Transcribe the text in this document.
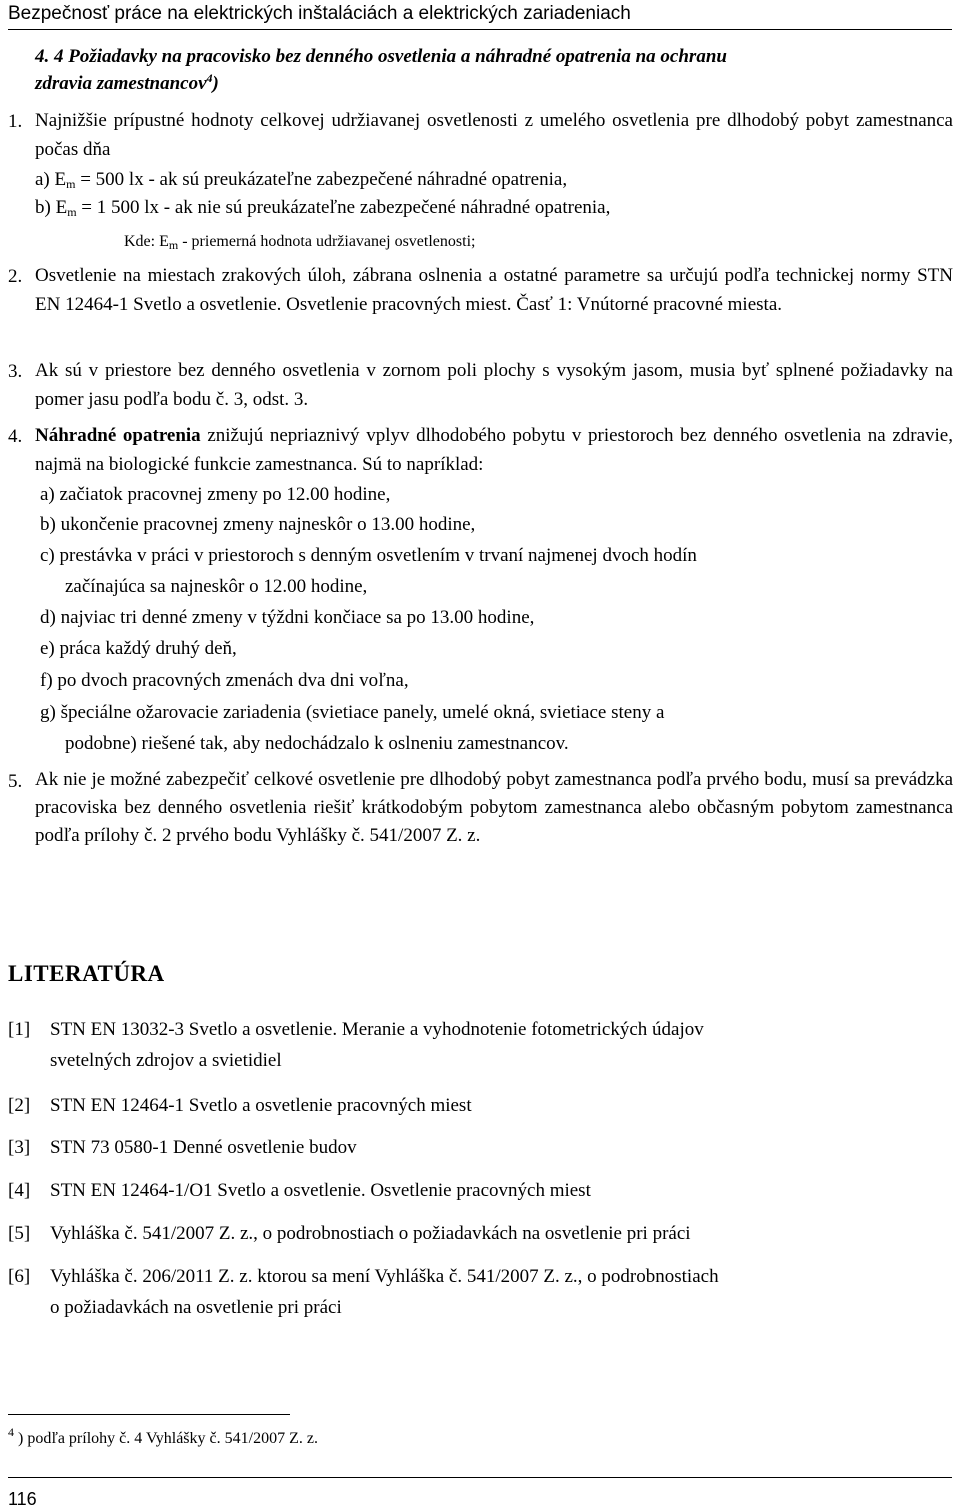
Bezpečnosť práce na elektrických inštaláciách a elektrických zariadeniach
4. 4 Požiadavky na pracovisko bez denného osvetlenia a náhradné opatrenia na ochranu
zdravia zamestnancov$^4$)
1. Najnižšie prípustné hodnoty celkovej udržiavanej osvetlenosti z umelého osvetlenia pre dlhodobý pobyt zamestnanca počas dňa
a) $E_m = 500$ lx - ak sú preukázateľne zabezpečené náhradné opatrenia,
b) $E_m = 1$ 500 lx - ak nie sú preukázateľne zabezpečené náhradné opatrenia,
Kde: $E_m$ - priemerná hodnota udržiavanej osvetlenosti;
2. Osvetlenie na miestach zrakových úloh, zábrana oslnenia a ostatné parametre sa určujú podľa technickej normy STN EN 12464-1 Svetlo a osvetlenie. Osvetlenie pracovných miest. Časť 1: Vnútorné pracovné miesta.
3. Ak sú v priestore bez denného osvetlenia v zornom poli plochy s vysokým jasom, musia byť splnené požiadavky na pomer jasu podľa bodu č. 3, odst. 3.
4. Náhradné opatrenia znižujú nepriaznivý vplyv dlhodobého pobytu v priestoroch bez denného osvetlenia na zdravie, najmä na biologické funkcie zamestnanca. Sú to napríklad:
a) začiatok pracovnej zmeny po 12.00 hodine,
b) ukončenie pracovnej zmeny najneskôr o 13.00 hodine,
c) prestávka v práci v priestoroch s denným osvetlením v trvaní najmenej dvoch hodín
začínajúca sa najneskôr o 12.00 hodine,
d) najviac tri denné zmeny v týždni končiace sa po 13.00 hodine,
e) práca každý druhý deň,
f) po dvoch pracovných zmenách dva dni voľna,
g) špeciálne ožarovacie zariadenia (svietiace panely, umelé okná, svietiace steny a
podobne) riešené tak, aby nedochádzalo k oslneniu zamestnancov.
5. Ak nie je možné zabezpečiť celkové osvetlenie pre dlhodobý pobyt zamestnanca podľa prvého bodu, musí sa prevádzka pracoviska bez denného osvetlenia riešiť krátkodobým pobytom zamestnanca alebo občasným pobytom zamestnanca podľa prílohy č. 2 prvého bodu Vyhlášky č. 541/2007 Z. z.
LITERATÚRA
[1] STN EN 13032-3 Svetlo a osvetlenie. Meranie a vyhodnotenie fotometrických údajov
svetelných zdrojov a svietidiel
[2] STN EN 12464-1 Svetlo a osvetlenie pracovných miest
[3] STN 73 0580-1 Denné osvetlenie budov
[4] STN EN 12464-1/O1 Svetlo a osvetlenie. Osvetlenie pracovných miest
[5] Vyhláška č. 541/2007 Z. z., o podrobnostiach o požiadavkách na osvetlenie pri práci
[6] Vyhláška č. 206/2011 Z. z. ktorou sa mení Vyhláška č. 541/2007 Z. z., o podrobnostiach
o požiadavkách na osvetlenie pri práci
$^4$ ) podľa prílohy č. 4 Vyhlášky č. 541/2007 Z. z.
116
